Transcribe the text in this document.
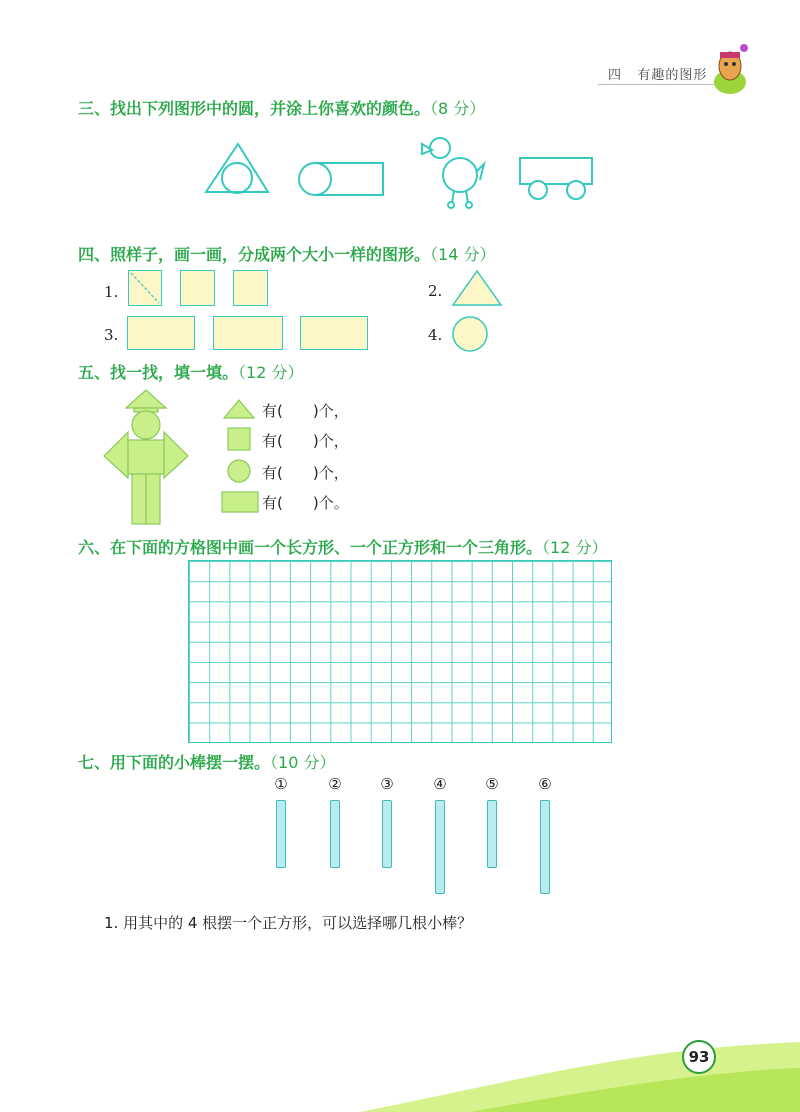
四 有趣的图形
三、找出下列图形中的圆，并涂上你喜欢的颜色。（8 分）
四、照样子，画一画，分成两个大小一样的图形。（14 分）
1.	2.
3.	4.
五、找一找，填一填。（12 分）
有(　　)个，
有(　　)个，
有(　　)个，
有(　　)个。
六、在下面的方格图中画一个长方形、一个正方形和一个三角形。（12 分）
七、用下面的小棒摆一摆。（10 分）
①	②	③	④	⑤	⑥
1. 用其中的 4 根摆一个正方形，可以选择哪几根小棒？
93
